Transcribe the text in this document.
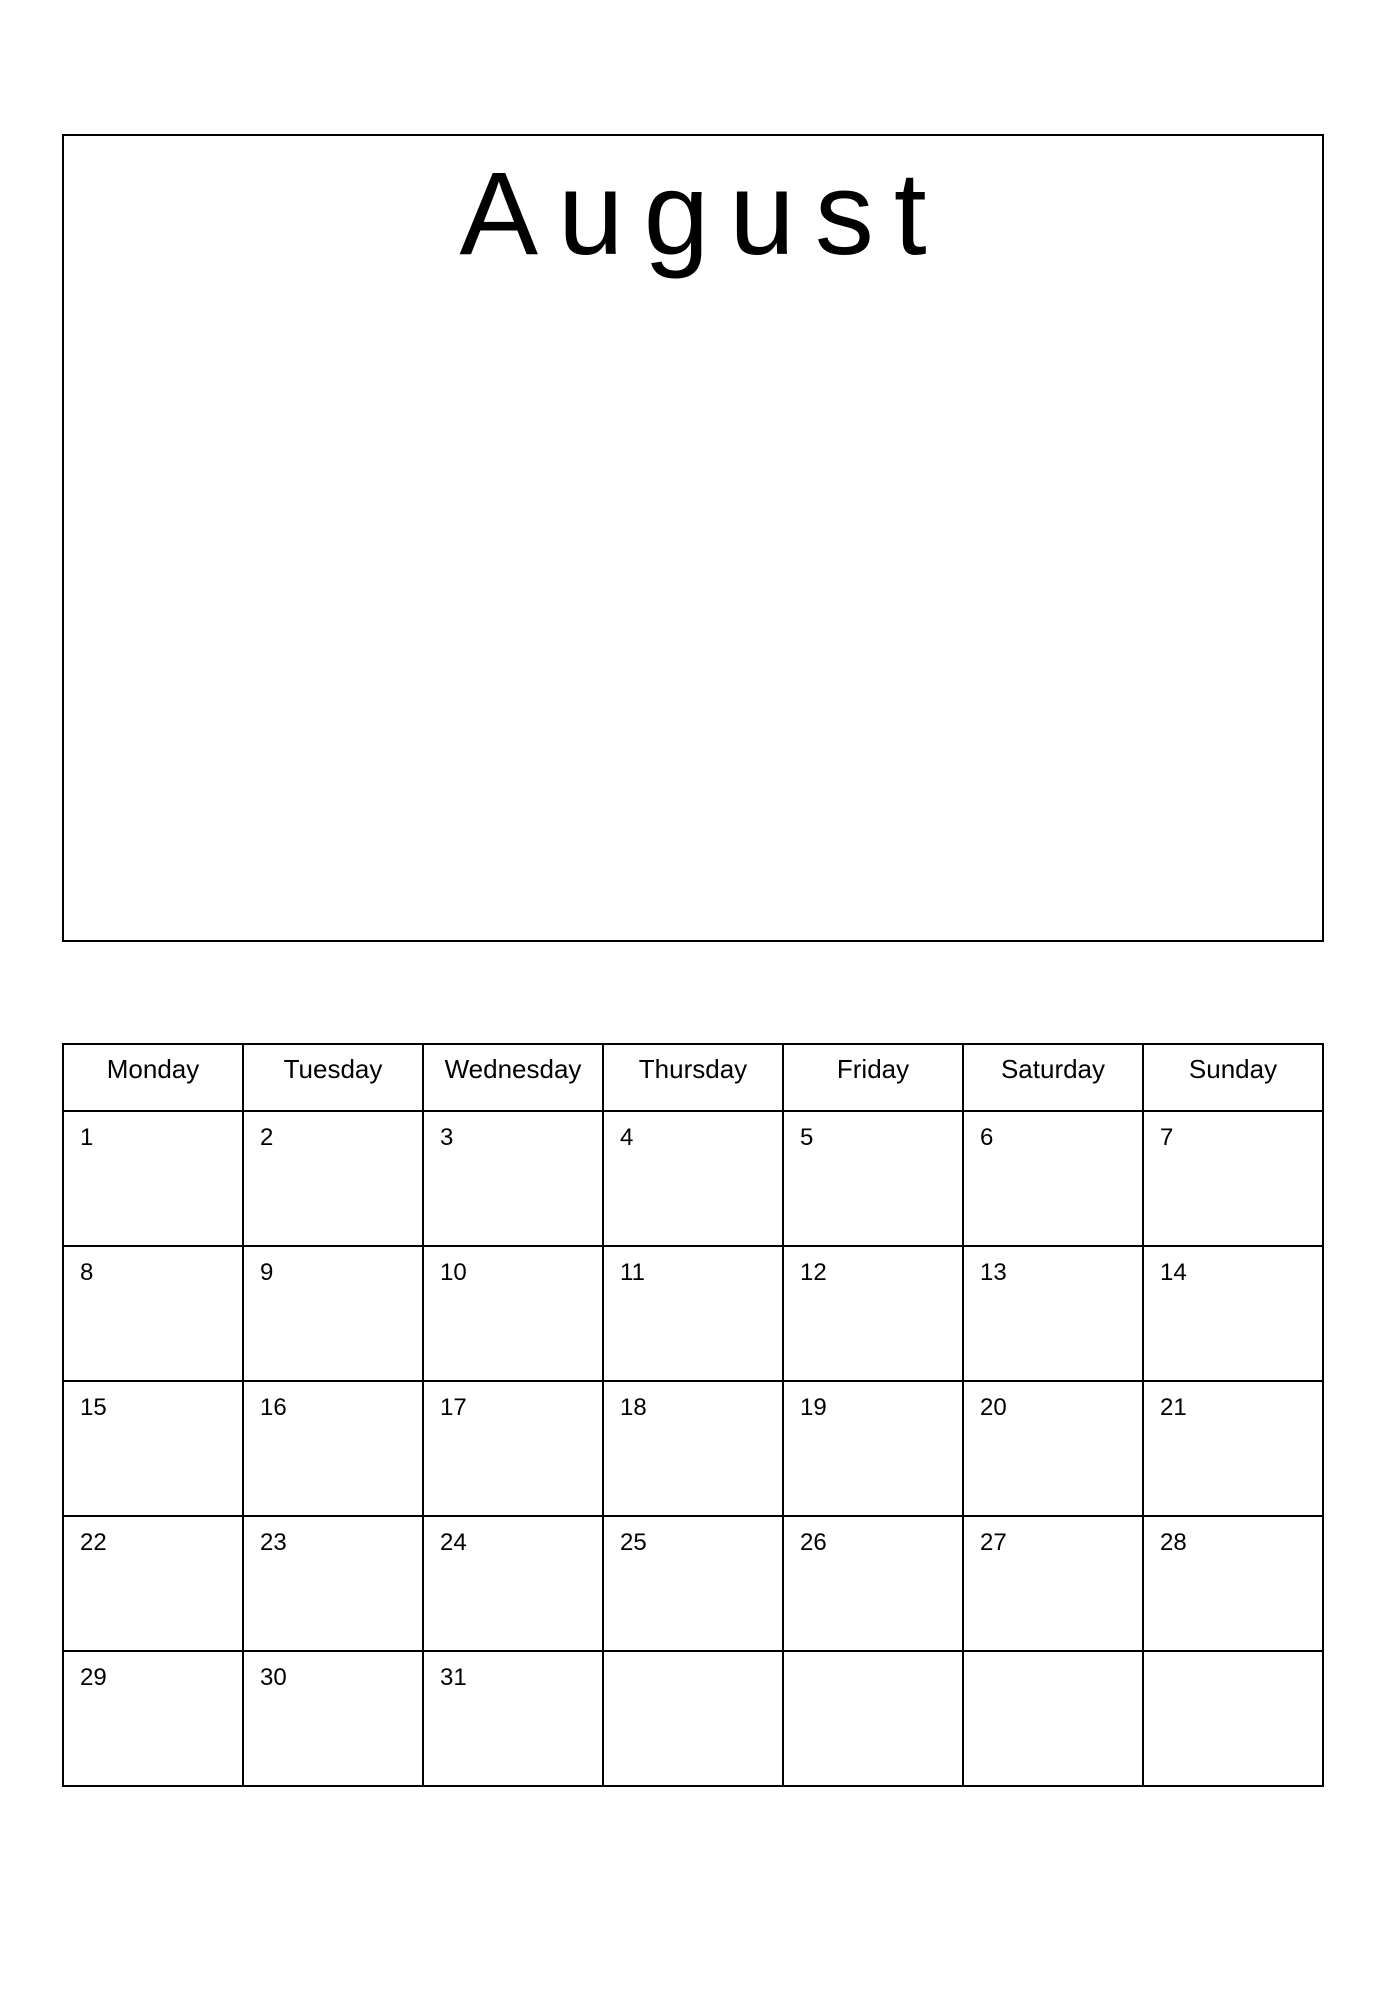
August
Monday	Tuesday	Wednesday	Thursday	Friday	Saturday	Sunday
1	2	3	4	5	6	7
8	9	10	11	12	13	14
15	16	17	18	19	20	21
22	23	24	25	26	27	28
29	30	31				
